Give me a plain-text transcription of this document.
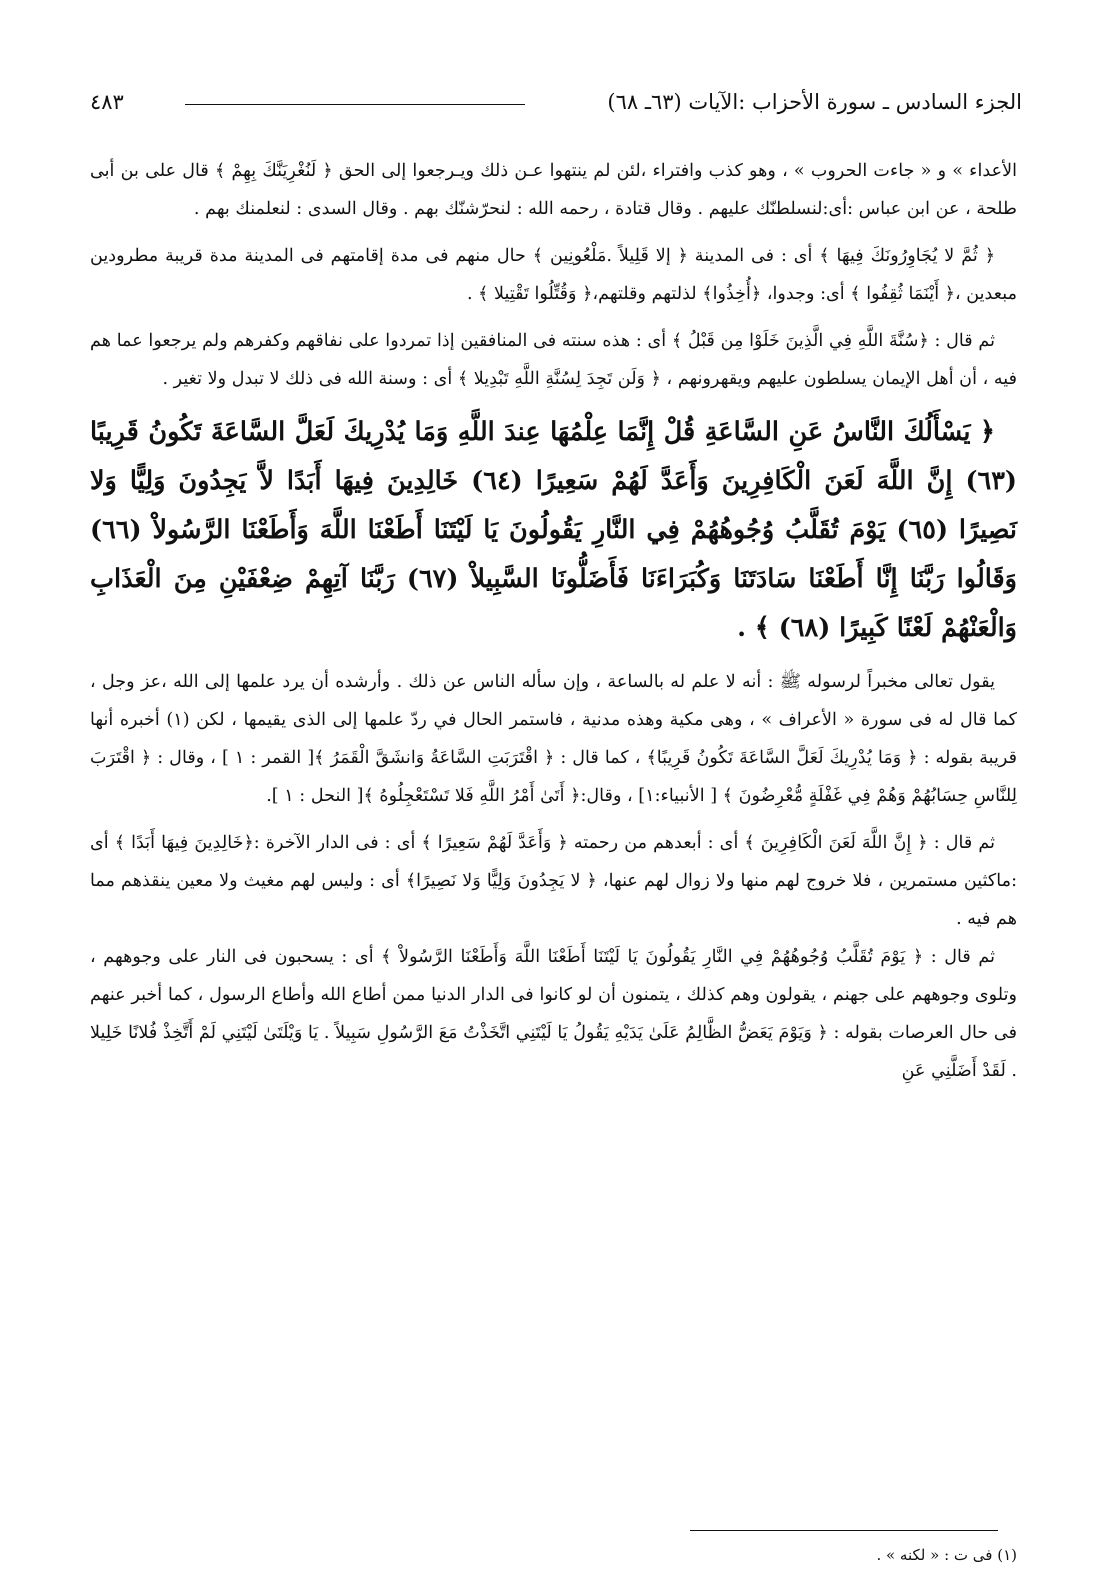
الجزء السادس ـ سورة الأحزاب :الآيات (٦٣ـ ٦٨)
٤٨٣

الأعداء » و « جاءت الحروب » ، وهو كذب وافتراء ،لئن لم ينتهوا عـن ذلك ويـرجعوا إلى الحق ﴿ لَنُغْرِيَنَّكَ بِهِمْ ﴾ قال على بن أبى طلحة ، عن ابن عباس :أى:لنسلطنّك عليهم . وقال قتادة ، رحمه الله : لنحرّشنّك بهم . وقال السدى : لنعلمنك بهم .

﴿ ثُمَّ لا يُجَاوِرُونَكَ فِيهَا ﴾ أى : فى المدينة ﴿ إلا قَلِيلاً .مَلْعُونِين ﴾ حال منهم فى مدة إقامتهم فى المدينة مدة قريبة مطرودين مبعدين ،﴿ أَيْنَمَا ثُقِفُوا ﴾ أى: وجدوا، ﴿أُخِذُوا﴾ لذلتهم وقلتهم،﴿ وَقُتِّلُوا تَقْتِيلا ﴾ .

ثم قال : ﴿سُنَّةَ اللَّهِ فِي الَّذِينَ خَلَوْا مِن قَبْلُ ﴾ أى : هذه سنته فى المنافقين إذا تمردوا على نفاقهم وكفرهم ولم يرجعوا عما هم فيه ، أن أهل الإيمان يسلطون عليهم ويقهرونهم ، ﴿ وَلَن تَجِدَ لِسُنَّةِ اللَّهِ تَبْدِيلا ﴾ أى : وسنة الله فى ذلك لا تبدل ولا تغير .

﴿ يَسْأَلُكَ النَّاسُ عَنِ السَّاعَةِ قُلْ إِنَّمَا عِلْمُهَا عِندَ اللَّهِ وَمَا يُدْرِيكَ لَعَلَّ السَّاعَةَ تَكُونُ قَرِيبًا (٦٣) إِنَّ اللَّهَ لَعَنَ الْكَافِرِينَ وَأَعَدَّ لَهُمْ سَعِيرًا (٦٤) خَالِدِينَ فِيهَا أَبَدًا لاَّ يَجِدُونَ وَلِيًّا وَلا نَصِيرًا (٦٥) يَوْمَ تُقَلَّبُ وُجُوهُهُمْ فِي النَّارِ يَقُولُونَ يَا لَيْتَنَا أَطَعْنَا اللَّهَ وَأَطَعْنَا الرَّسُولاْ (٦٦) وَقَالُوا رَبَّنَا إِنَّا أَطَعْنَا سَادَتَنَا وَكُبَرَاءَنَا فَأَضَلُّونَا السَّبِيلاْ (٦٧) رَبَّنَا آتِهِمْ ضِعْفَيْنِ مِنَ الْعَذَابِ وَالْعَنْهُمْ لَعْنًا كَبِيرًا (٦٨) ﴾ .

يقول تعالى مخبراً لرسوله ﷺ : أنه لا علم له بالساعة ، وإن سأله الناس عن ذلك . وأرشده أن يرد علمها إلى الله ،عز وجل ، كما قال له فى سورة « الأعراف » ، وهى مكية وهذه مدنية ، فاستمر الحال في ردّ علمها إلى الذى يقيمها ، لكن (١) أخبره أنها قريبة بقوله : ﴿ وَمَا يُدْرِيكَ لَعَلَّ السَّاعَةَ تَكُونُ قَرِيبًا﴾ ، كما قال : ﴿ اقْتَرَبَتِ السَّاعَةُ وَانشَقَّ الْقَمَرُ ﴾[ القمر : ١ ] ، وقال : ﴿ اقْتَرَبَ لِلنَّاسِ حِسَابُهُمْ وَهُمْ فِي غَفْلَةٍ مُّعْرِضُونَ ﴾ [ الأنبياء:١] ، وقال:﴿ أَتَىٰ أَمْرُ اللَّهِ فَلا تَسْتَعْجِلُوهُ ﴾[ النحل : ١ ].

ثم قال : ﴿ إِنَّ اللَّهَ لَعَنَ الْكَافِرِينَ ﴾ أى : أبعدهم من رحمته ﴿ وَأَعَدَّ لَهُمْ سَعِيرًا ﴾ أى : فى الدار الآخرة :﴿خَالِدِينَ فِيهَا أَبَدًا ﴾ أى :ماكثين مستمرين ، فلا خروج لهم منها ولا زوال لهم عنها، ﴿ لا يَجِدُونَ وَلِيًّا وَلا نَصِيرًا﴾ أى : وليس لهم مغيث ولا معين ينقذهم مما هم فيه .

ثم قال : ﴿ يَوْمَ تُقَلَّبُ وُجُوهُهُمْ فِي النَّارِ يَقُولُونَ يَا لَيْتَنَا أَطَعْنَا اللَّهَ وَأَطَعْنَا الرَّسُولاْ ﴾ أى : يسحبون فى النار على وجوههم ، وتلوى وجوههم على جهنم ، يقولون وهم كذلك ، يتمنون أن لو كانوا فى الدار الدنيا ممن أطاع الله وأطاع الرسول ، كما أخبر عنهم فى حال العرصات بقوله : ﴿ وَيَوْمَ يَعَضُّ الظَّالِمُ عَلَىٰ يَدَيْهِ يَقُولُ يَا لَيْتَنِي اتَّخَذْتُ مَعَ الرَّسُولِ سَبِيلاً . يَا وَيْلَتَىٰ لَيْتَنِي لَمْ أَتَّخِذْ فُلانًا خَلِيلا . لَقَدْ أَضَلَّنِي عَنِ

(١) فى ت : « لكنه » .
